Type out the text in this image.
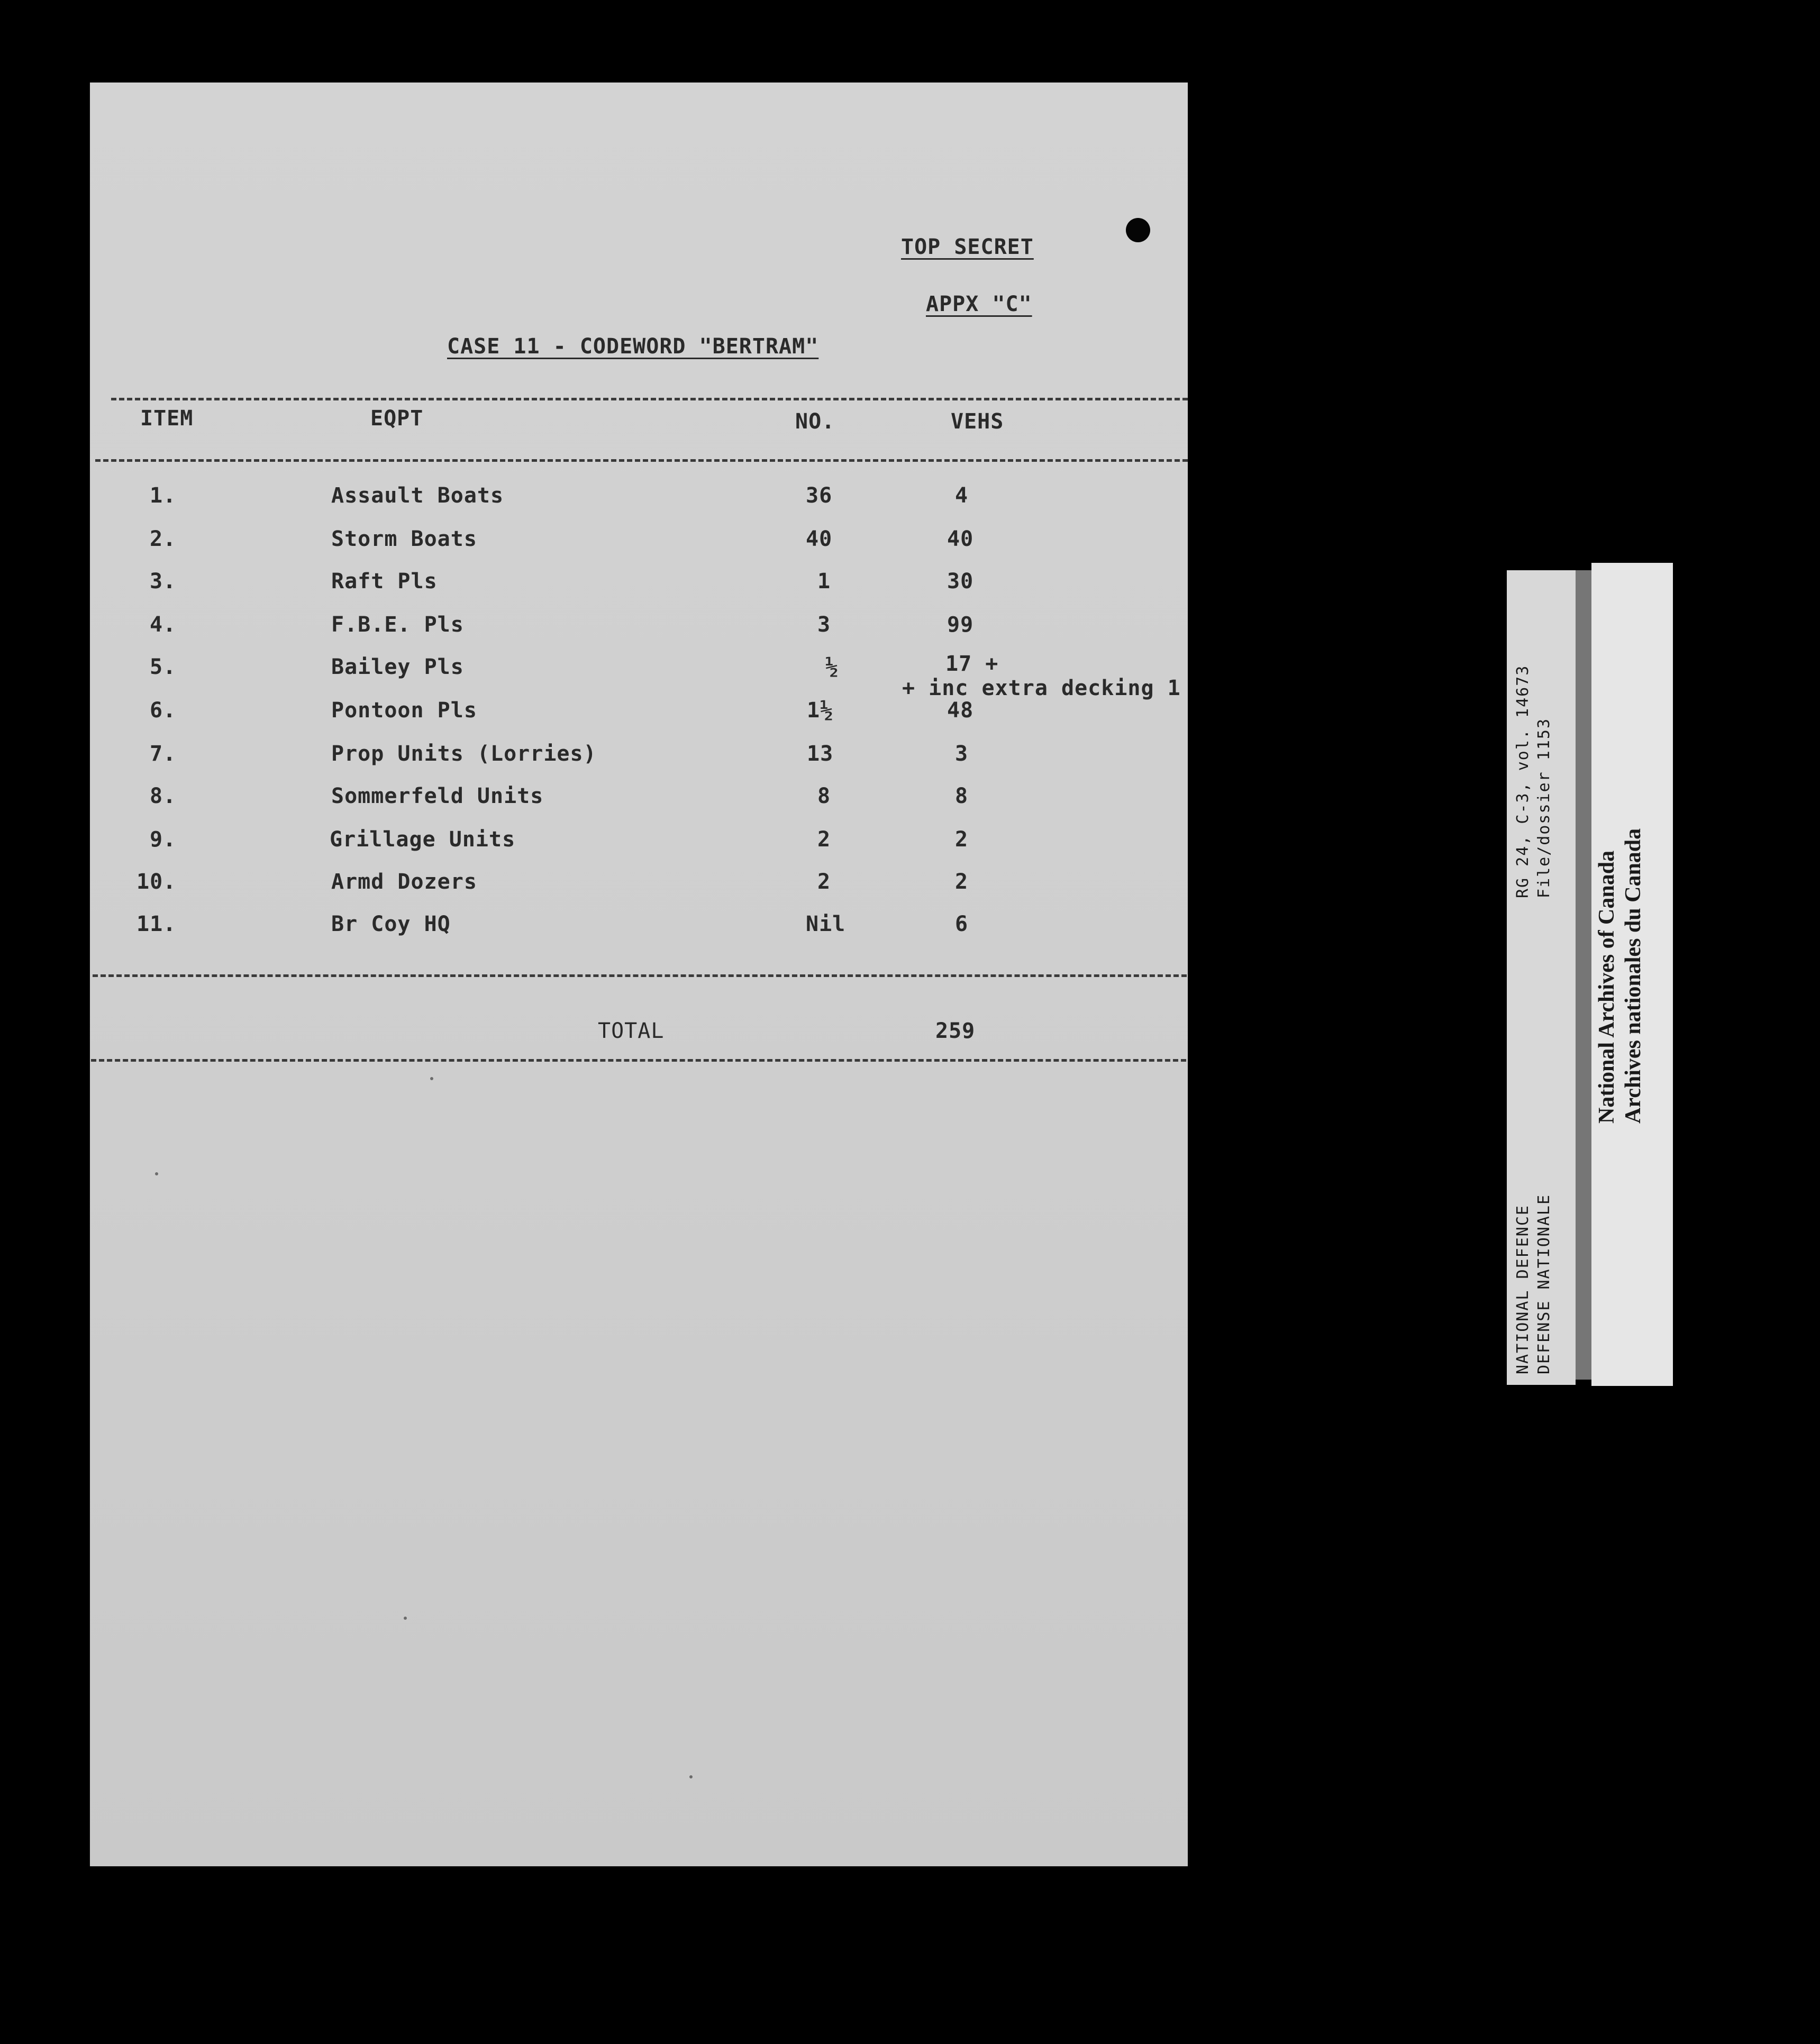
TOP SECRET
APPX "C"
CASE 11 - CODEWORD "BERTRAM"
ITEM	EQPT	NO.	VEHS
1.	Assault Boats	36	4
2.	Storm Boats	40	40
3.	Raft Pls	1	30
4.	F.B.E. Pls	3	99
5.	Bailey Pls	½	17 +
+ inc extra decking 1
6.	Pontoon Pls	1½	48
7.	Prop Units (Lorries)	13	3
8.	Sommerfeld Units	8	8
9.	Grillage Units	2	2
10.	Armd Dozers	2	2
11.	Br Coy HQ	Nil	6
TOTAL	259
RG 24, C-3, vol. 14673 File/dossier 1153
NATIONAL DEFENCE DEFENSE NATIONALE
National Archives of Canada Archives nationales du Canada
